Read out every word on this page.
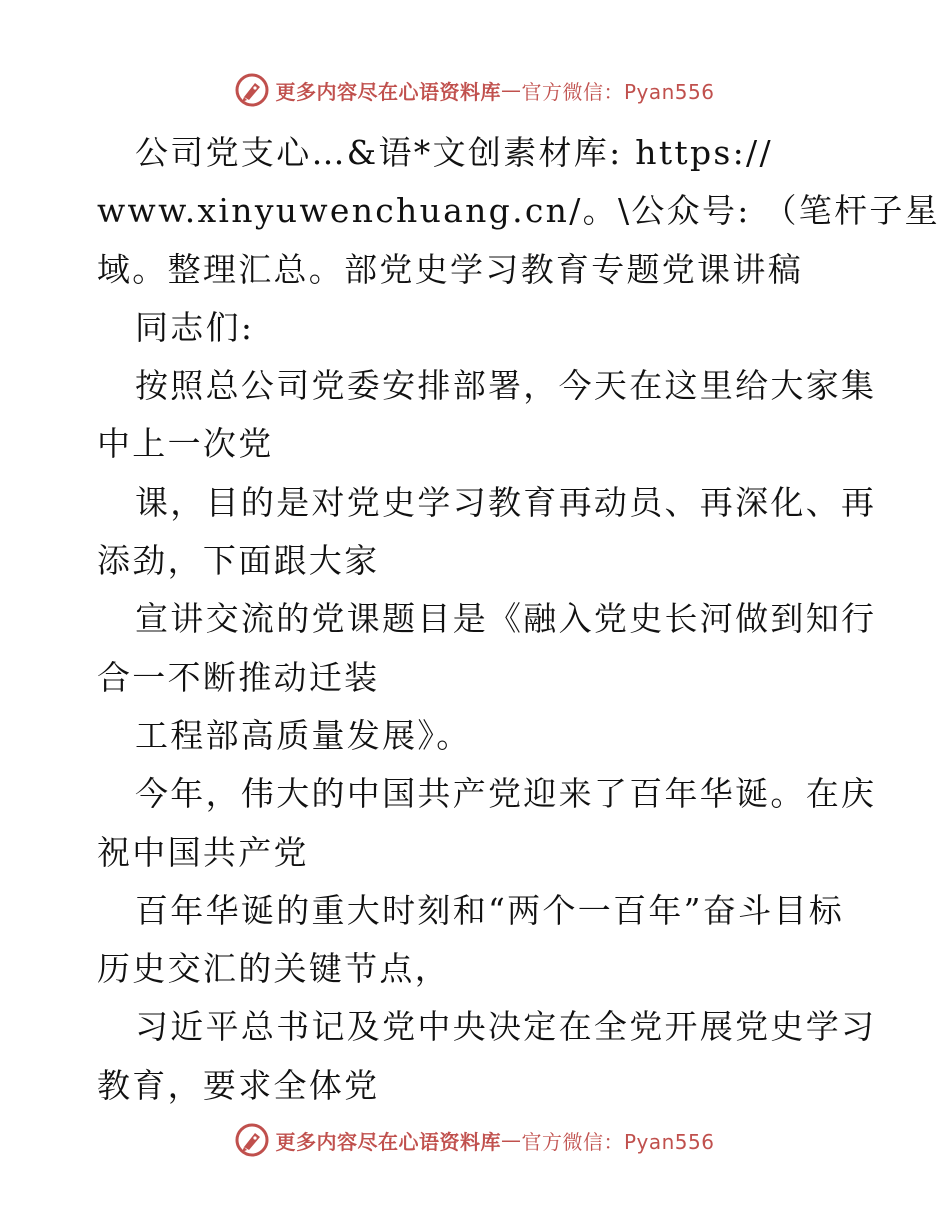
更多内容尽在心语资料库 — 官方微信：Pyan556

公司党支心…&语*文创素材库: https://

www.xinyuwenchuang.cn/。\公众号: （笔杆子星

域。整理汇总。部党史学习教育专题党课讲稿

同志们:

按照总公司党委安排部署，今天在这里给大家集

中上一次党

课，目的是对党史学习教育再动员、再深化、再

添劲，下面跟大家

宣讲交流的党课题目是《融入党史长河做到知行

合一不断推动迁装

工程部高质量发展》。

今年，伟大的中国共产党迎来了百年华诞。在庆

祝中国共产党

百年华诞的重大时刻和“两个一百年”奋斗目标

历史交汇的关键节点，

习近平总书记及党中央决定在全党开展党史学习

教育，要求全体党

更多内容尽在心语资料库 — 官方微信：Pyan556
